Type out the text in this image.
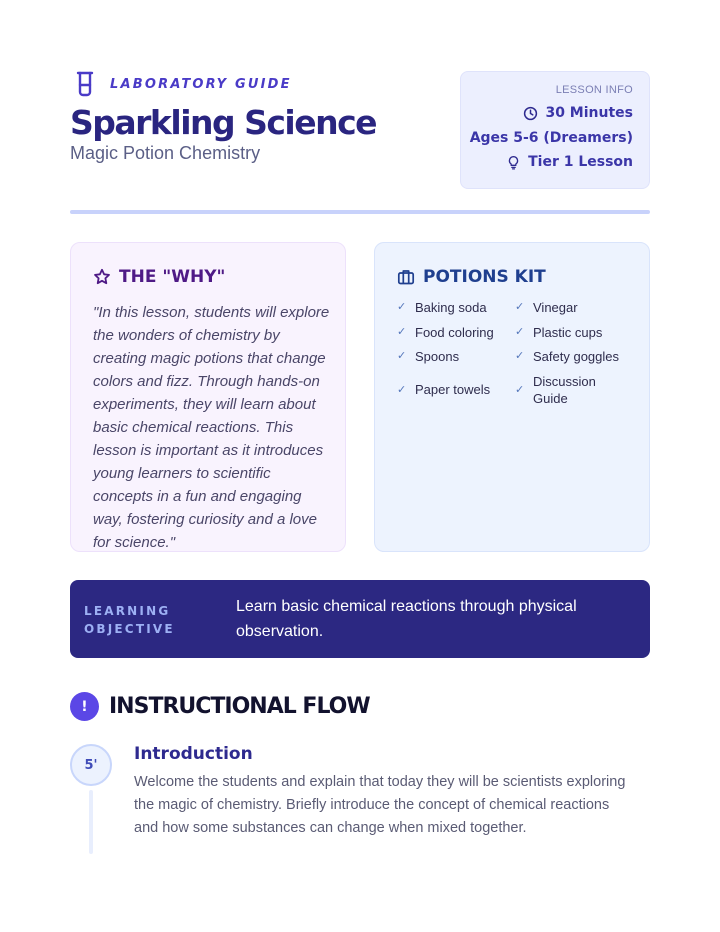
LABORATORY GUIDE
Sparkling Science
Magic Potion Chemistry
LESSON INFO
30 Minutes
Ages 5-6 (Dreamers)
Tier 1 Lesson
THE "WHY"

"In this lesson, students will explore the wonders of chemistry by creating magic potions that change colors and fizz. Through hands-on experiments, they will learn about basic chemical reactions. This lesson is important as it introduces young learners to scientific concepts in a fun and engaging way, fostering curiosity and a love for science."

POTIONS KIT
✓ Baking soda	✓ Vinegar
✓ Food coloring ✓ Plastic cups
✓ Spoons	✓ Safety goggles
✓ Paper towels ✓
Discussion Guide
LEARNING OBJECTIVE

Learn basic chemical reactions through physical observation.

! INSTRUCTIONAL FLOW
5'
Introduction

Welcome the students and explain that today they will be scientists exploring the magic of chemistry. Briefly introduce the concept of chemical reactions and how some substances can change when mixed together.
